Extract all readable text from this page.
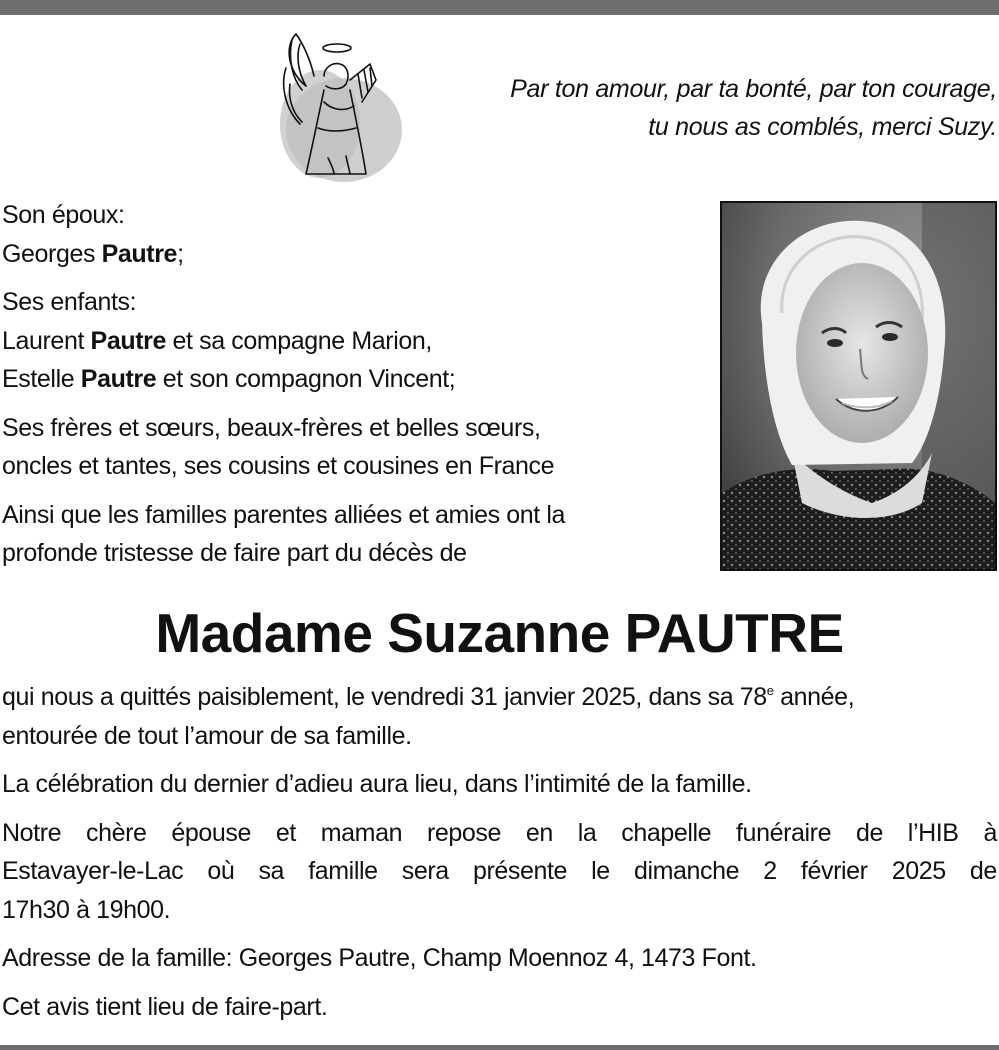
Par ton amour, par ta bonté, par ton courage,
tu nous as comblés, merci Suzy.
Son époux:
Georges Pautre;
Ses enfants:
Laurent Pautre et sa compagne Marion,
Estelle Pautre et son compagnon Vincent;
Ses frères et sœurs, beaux-frères et belles sœurs,
oncles et tantes, ses cousins et cousines en France
Ainsi que les familles parentes alliées et amies ont la
profonde tristesse de faire part du décès de
Madame Suzanne PAUTRE
qui nous a quittés paisiblement, le vendredi 31 janvier 2025, dans sa 78e année,
entourée de tout l’amour de sa famille.
La célébration du dernier d’adieu aura lieu, dans l’intimité de la famille.
Notre chère épouse et maman repose en la chapelle funéraire de l’HIB à
Estavayer-le-Lac où sa famille sera présente le dimanche 2 février 2025 de
17h30 à 19h00.
Adresse de la famille: Georges Pautre, Champ Moennoz 4, 1473 Font.
Cet avis tient lieu de faire-part.
